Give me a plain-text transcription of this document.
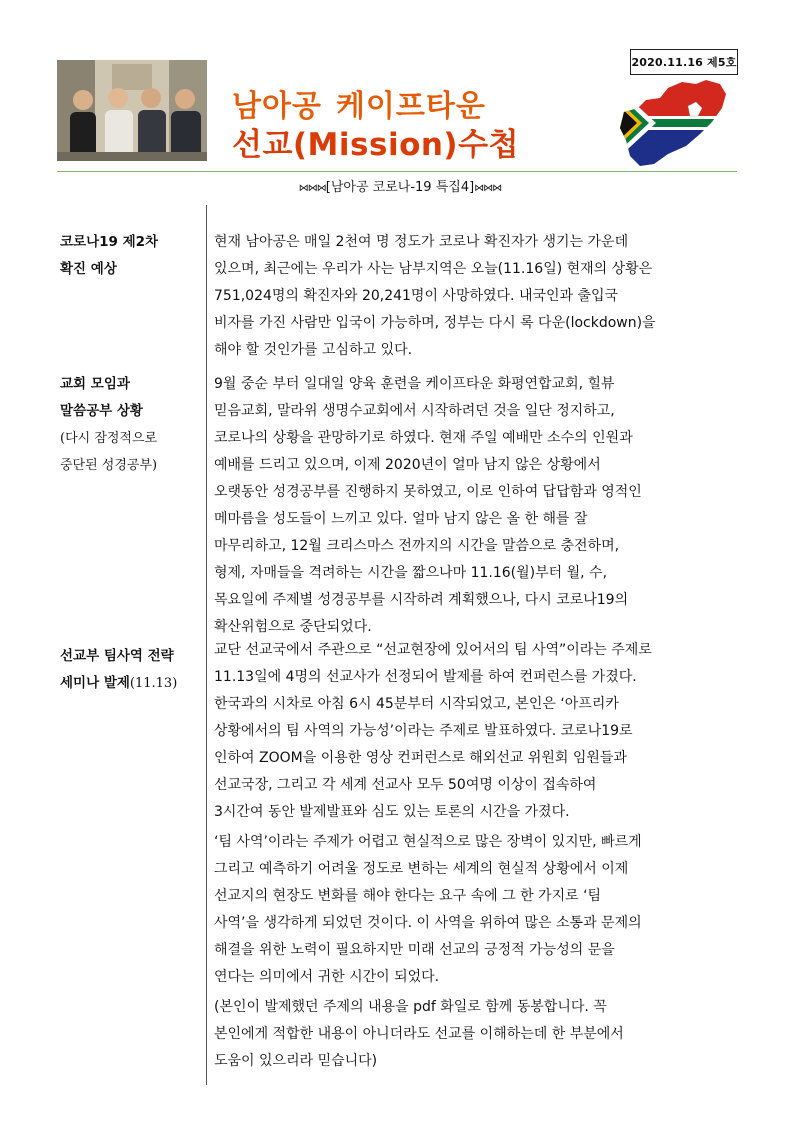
2020.11.16 제5호
남아공 케이프타운
선교(Mission)수첩
⋈⋈⋈[남아공 코로나-19 특집4]⋈⋈⋈
코로나19 제2차
확진 예상
현재 남아공은 매일 2천여 명 정도가 코로나 확진자가 생기는 가운데
있으며, 최근에는 우리가 사는 남부지역은 오늘(11.16일) 현재의 상황은
751,024명의 확진자와 20,241명이 사망하였다. 내국인과 출입국
비자를 가진 사람만 입국이 가능하며, 정부는 다시 록 다운(lockdown)을
해야 할 것인가를 고심하고 있다.
교회 모임과
말씀공부 상황
(다시 잠정적으로
중단된 성경공부)
9월 중순 부터 일대일 양육 훈련을 케이프타운 화평연합교회, 힐뷰
믿음교회, 말라위 생명수교회에서 시작하려던 것을 일단 정지하고,
코로나의 상황을 관망하기로 하였다. 현재 주일 예배만 소수의 인원과
예배를 드리고 있으며, 이제 2020년이 얼마 남지 않은 상황에서
오랫동안 성경공부를 진행하지 못하였고, 이로 인하여 답답함과 영적인
메마름을 성도들이 느끼고 있다. 얼마 남지 않은 올 한 해를 잘
마무리하고, 12월 크리스마스 전까지의 시간을 말씀으로 충전하며,
형제, 자매들을 격려하는 시간을 짧으나마 11.16(월)부터 월, 수,
목요일에 주제별 성경공부를 시작하려 계획했으나, 다시 코로나19의
확산위험으로 중단되었다.
선교부 팀사역 전략
세미나 발제(11.13)
교단 선교국에서 주관으로 “선교현장에 있어서의 팀 사역”이라는 주제로
11.13일에 4명의 선교사가 선정되어 발제를 하여 컨퍼런스를 가졌다.
한국과의 시차로 아침 6시 45분부터 시작되었고, 본인은 ‘아프리카
상황에서의 팀 사역의 가능성’이라는 주제로 발표하였다. 코로나19로
인하여 ZOOM을 이용한 영상 컨퍼런스로 해외선교 위원회 임원들과
선교국장, 그리고 각 세계 선교사 모두 50여명 이상이 접속하여
3시간여 동안 발제발표와 심도 있는 토론의 시간을 가졌다.
‘팀 사역’이라는 주제가 어렵고 현실적으로 많은 장벽이 있지만, 빠르게
그리고 예측하기 어려울 정도로 변하는 세계의 현실적 상황에서 이제
선교지의 현장도 변화를 해야 한다는 요구 속에 그 한 가지로 ‘팀
사역’을 생각하게 되었던 것이다. 이 사역을 위하여 많은 소통과 문제의
해결을 위한 노력이 필요하지만 미래 선교의 긍정적 가능성의 문을
연다는 의미에서 귀한 시간이 되었다.
(본인이 발제했던 주제의 내용을 pdf 화일로 함께 동봉합니다. 꼭
본인에게 적합한 내용이 아니더라도 선교를 이해하는데 한 부분에서
도움이 있으리라 믿습니다)
